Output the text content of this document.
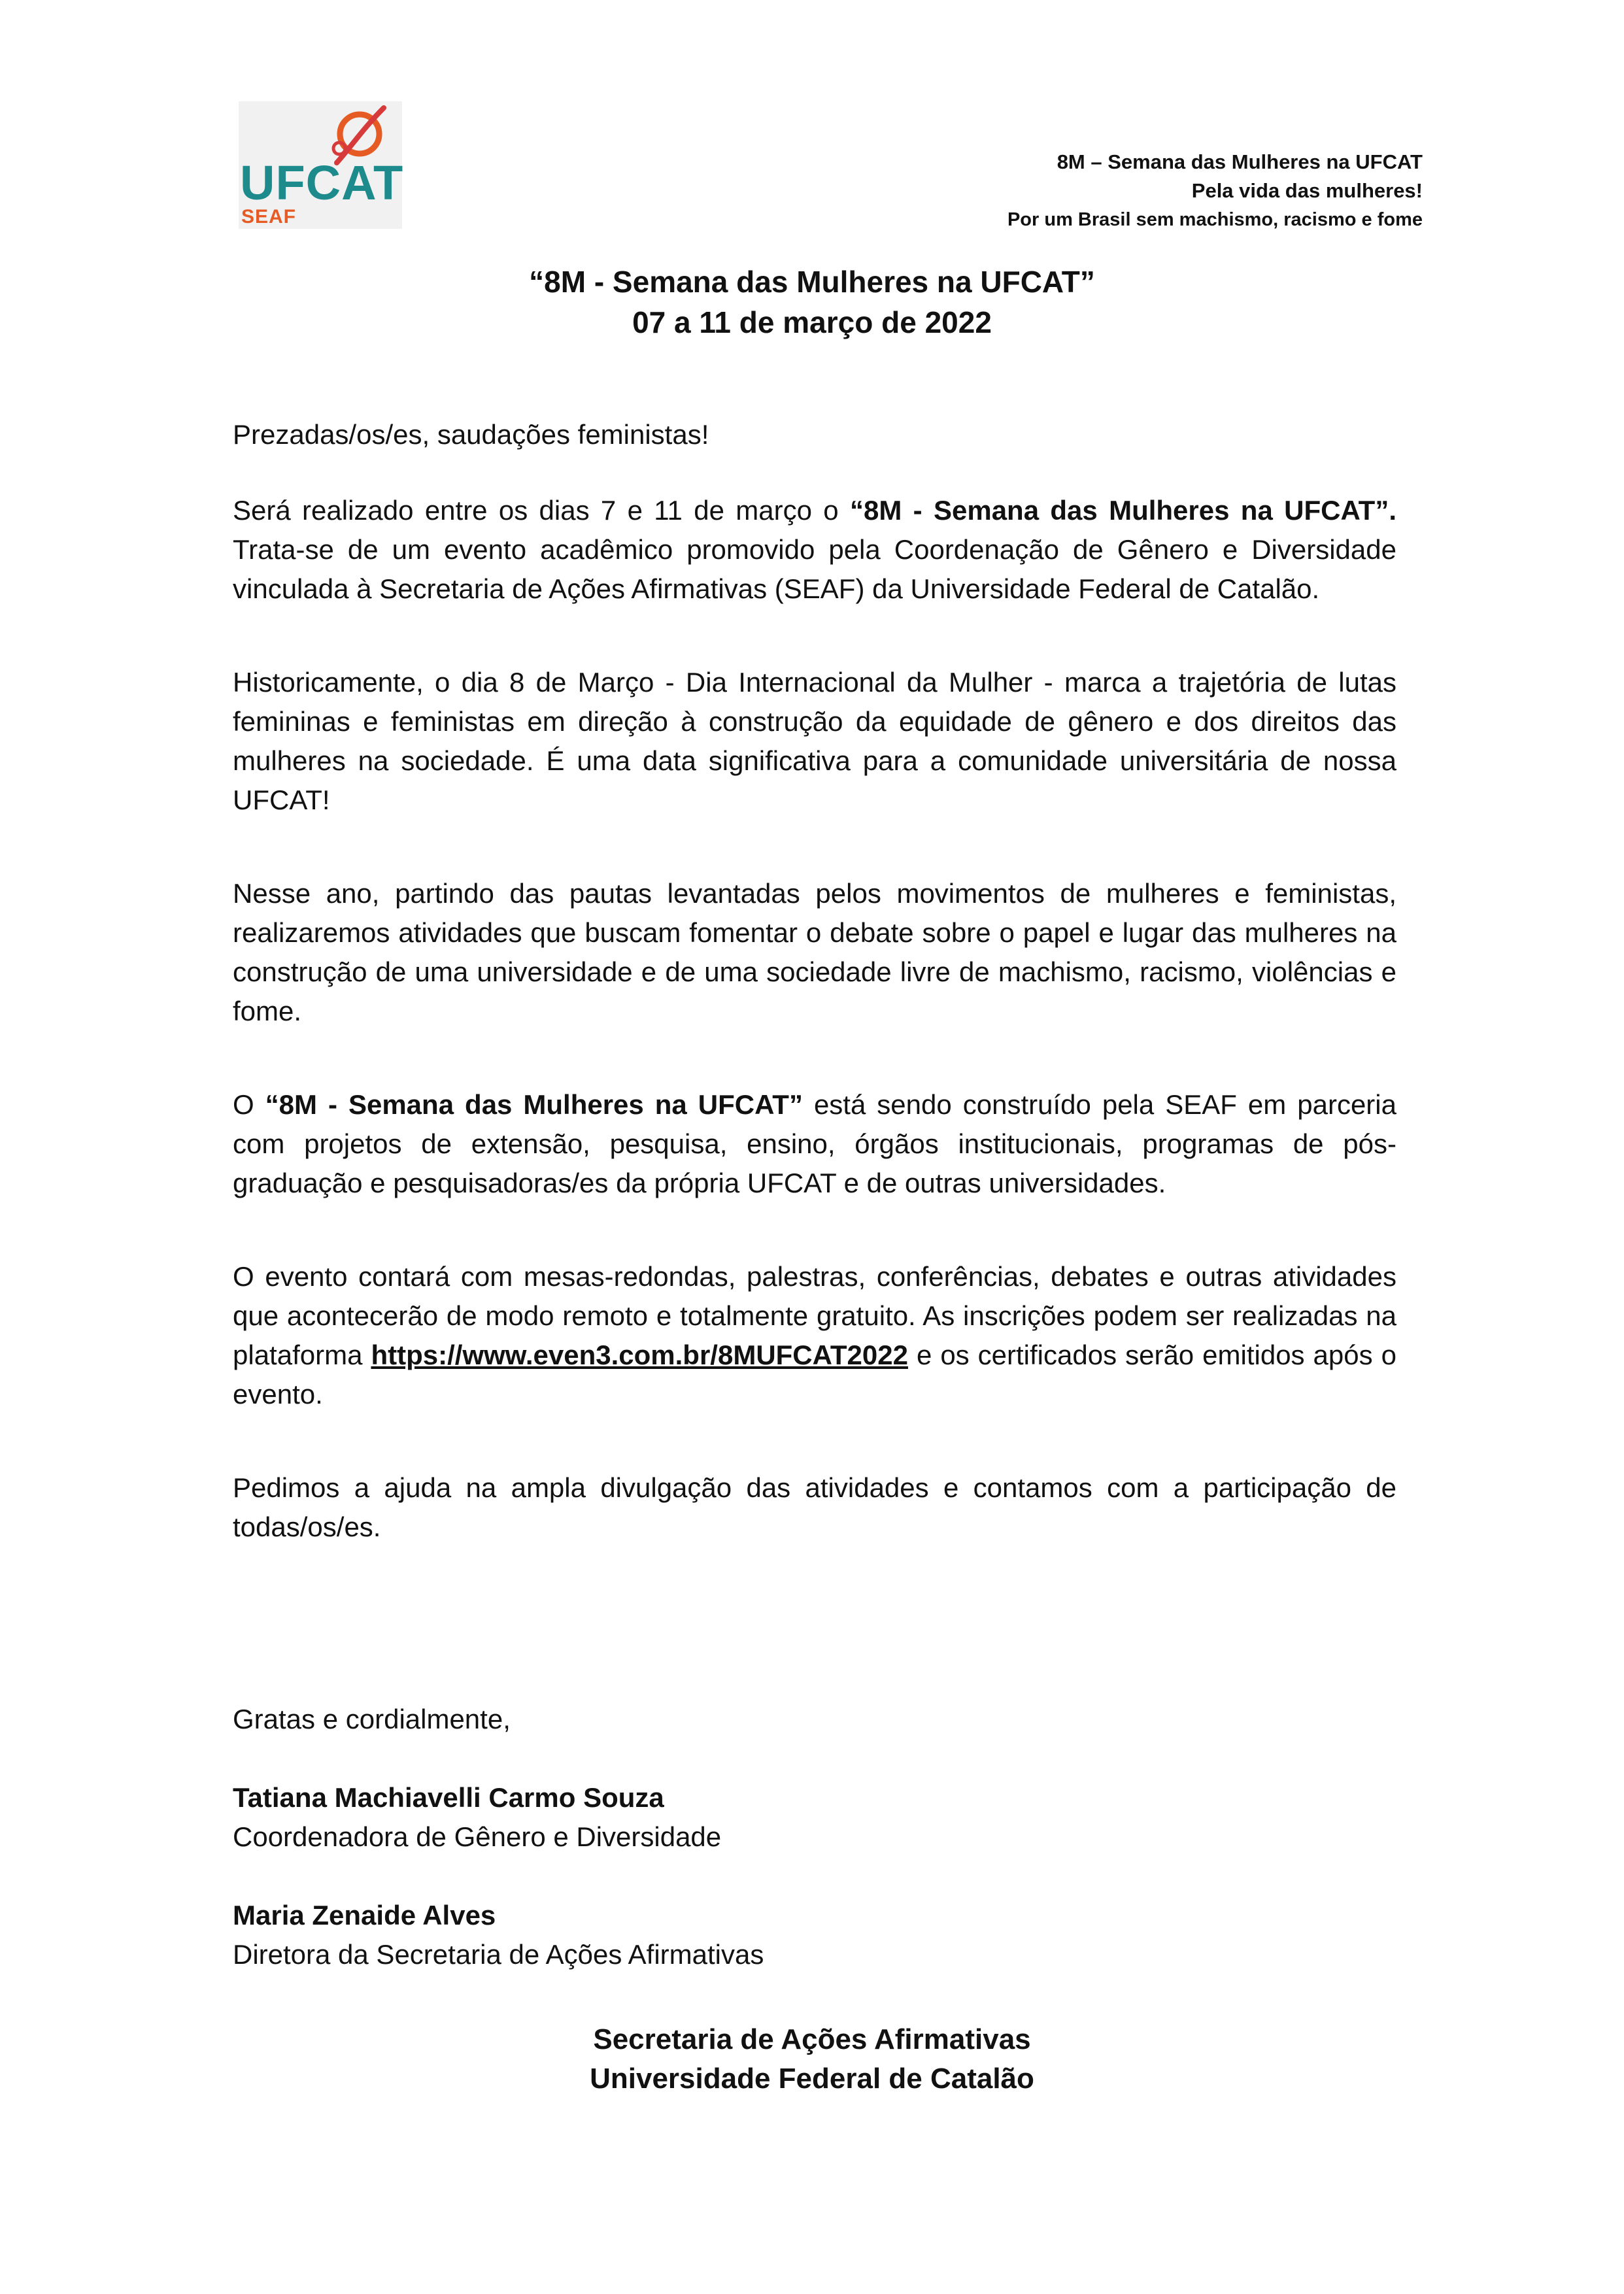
UFCAT
SEAF
8M – Semana das Mulheres na UFCAT
Pela vida das mulheres!
Por um Brasil sem machismo, racismo e fome
“8M - Semana das Mulheres na UFCAT”
07 a 11 de março de 2022

Prezadas/os/es, saudações feministas!

Será realizado entre os dias 7 e 11 de março o “8M - Semana das Mulheres na UFCAT”. Trata-se de um evento acadêmico promovido pela Coordenação de Gênero e Diversidade vinculada à Secretaria de Ações Afirmativas (SEAF) da Universidade Federal de Catalão.

Historicamente, o dia 8 de Março - Dia Internacional da Mulher - marca a trajetória de lutas femininas e feministas em direção à construção da equidade de gênero e dos direitos das mulheres na sociedade. É uma data significativa para a comunidade universitária de nossa UFCAT!

Nesse ano, partindo das pautas levantadas pelos movimentos de mulheres e feministas, realizaremos atividades que buscam fomentar o debate sobre o papel e lugar das mulheres na construção de uma universidade e de uma sociedade livre de machismo, racismo, violências e fome.

O “8M - Semana das Mulheres na UFCAT” está sendo construído pela SEAF em parceria com projetos de extensão, pesquisa, ensino, órgãos institucionais, programas de pós-graduação e pesquisadoras/es da própria UFCAT e de outras universidades.

O evento contará com mesas-redondas, palestras, conferências, debates e outras atividades que acontecerão de modo remoto e totalmente gratuito. As inscrições podem ser realizadas na plataforma https://www.even3.com.br/8MUFCAT2022 e os certificados serão emitidos após o evento.

Pedimos a ajuda na ampla divulgação das atividades e contamos com a participação de todas/os/es.

Gratas e cordialmente,
Tatiana Machiavelli Carmo Souza
Coordenadora de Gênero e Diversidade
Maria Zenaide Alves
Diretora da Secretaria de Ações Afirmativas
Secretaria de Ações Afirmativas
Universidade Federal de Catalão
